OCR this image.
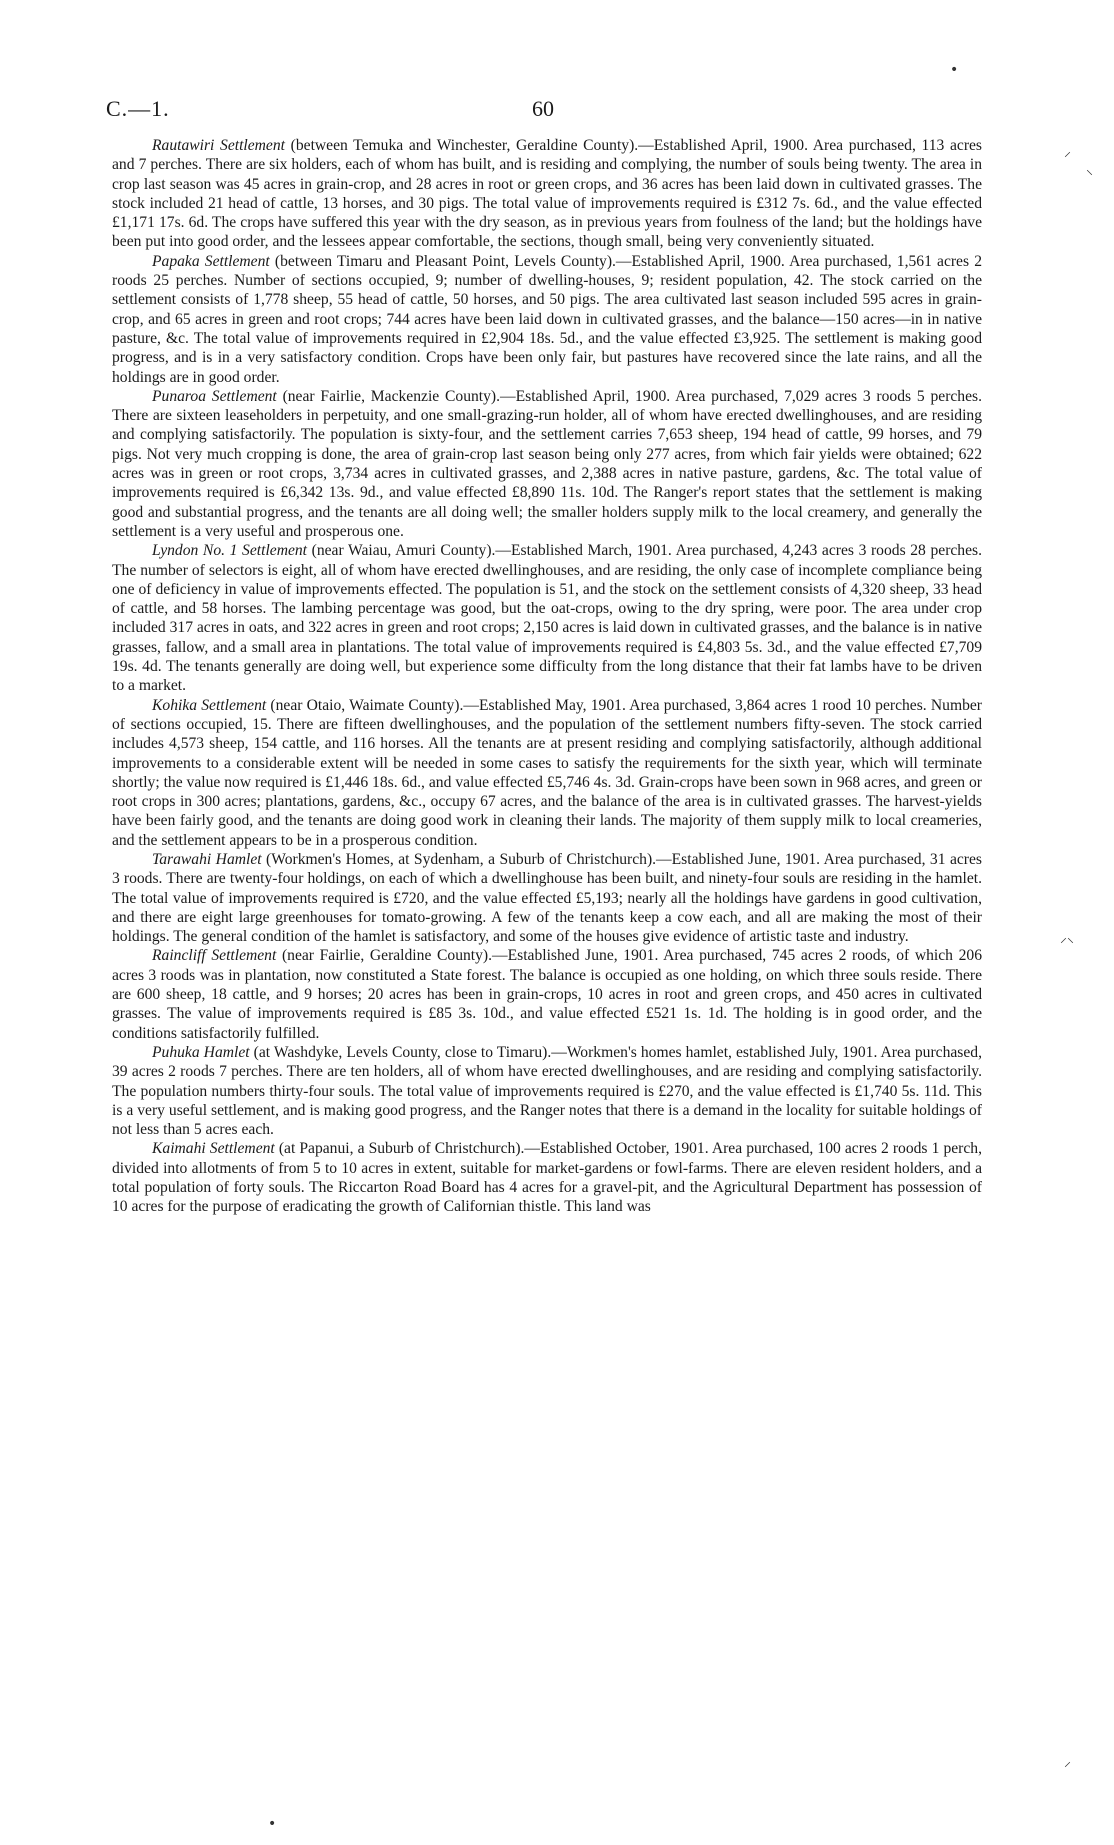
•
⸝
⸜
⸝⸜
⸝
•
C.—1.	60

Rautawiri Settlement (between Temuka and Winchester, Geraldine County).—Established April, 1900. Area purchased, 113 acres and 7 perches. There are six holders, each of whom has built, and is residing and complying, the number of souls being twenty. The area in crop last season was 45 acres in grain-crop, and 28 acres in root or green crops, and 36 acres has been laid down in cultivated grasses. The stock included 21 head of cattle, 13 horses, and 30 pigs. The total value of improvements required is £312 7s. 6d., and the value effected £1,171 17s. 6d. The crops have suffered this year with the dry season, as in previous years from foulness of the land; but the holdings have been put into good order, and the lessees appear comfortable, the sections, though small, being very conveniently situated.

Papaka Settlement (between Timaru and Pleasant Point, Levels County).—Established April, 1900. Area purchased, 1,561 acres 2 roods 25 perches. Number of sections occupied, 9; number of dwelling-houses, 9; resident population, 42. The stock carried on the settlement consists of 1,778 sheep, 55 head of cattle, 50 horses, and 50 pigs. The area cultivated last season included 595 acres in grain-crop, and 65 acres in green and root crops; 744 acres have been laid down in cultivated grasses, and the balance—150 acres—in in native pasture, &c. The total value of improvements required in £2,904 18s. 5d., and the value effected £3,925. The settlement is making good progress, and is in a very satisfactory condition. Crops have been only fair, but pastures have recovered since the late rains, and all the holdings are in good order.

Punaroa Settlement (near Fairlie, Mackenzie County).—Established April, 1900. Area purchased, 7,029 acres 3 roods 5 perches. There are sixteen leaseholders in perpetuity, and one small-grazing-run holder, all of whom have erected dwellinghouses, and are residing and complying satisfactorily. The population is sixty-four, and the settlement carries 7,653 sheep, 194 head of cattle, 99 horses, and 79 pigs. Not very much cropping is done, the area of grain-crop last season being only 277 acres, from which fair yields were obtained; 622 acres was in green or root crops, 3,734 acres in cultivated grasses, and 2,388 acres in native pasture, gardens, &c. The total value of improvements required is £6,342 13s. 9d., and value effected £8,890 11s. 10d. The Ranger's report states that the settlement is making good and substantial progress, and the tenants are all doing well; the smaller holders supply milk to the local creamery, and generally the settlement is a very useful and prosperous one.

Lyndon No. 1 Settlement (near Waiau, Amuri County).—Established March, 1901. Area purchased, 4,243 acres 3 roods 28 perches. The number of selectors is eight, all of whom have erected dwellinghouses, and are residing, the only case of incomplete compliance being one of deficiency in value of improvements effected. The population is 51, and the stock on the settlement consists of 4,320 sheep, 33 head of cattle, and 58 horses. The lambing percentage was good, but the oat-crops, owing to the dry spring, were poor. The area under crop included 317 acres in oats, and 322 acres in green and root crops; 2,150 acres is laid down in cultivated grasses, and the balance is in native grasses, fallow, and a small area in plantations. The total value of improvements required is £4,803 5s. 3d., and the value effected £7,709 19s. 4d. The tenants generally are doing well, but experience some difficulty from the long distance that their fat lambs have to be driven to a market.

Kohika Settlement (near Otaio, Waimate County).—Established May, 1901. Area purchased, 3,864 acres 1 rood 10 perches. Number of sections occupied, 15. There are fifteen dwellinghouses, and the population of the settlement numbers fifty-seven. The stock carried includes 4,573 sheep, 154 cattle, and 116 horses. All the tenants are at present residing and complying satisfactorily, although additional improvements to a considerable extent will be needed in some cases to satisfy the requirements for the sixth year, which will terminate shortly; the value now required is £1,446 18s. 6d., and value effected £5,746 4s. 3d. Grain-crops have been sown in 968 acres, and green or root crops in 300 acres; plantations, gardens, &c., occupy 67 acres, and the balance of the area is in cultivated grasses. The harvest-yields have been fairly good, and the tenants are doing good work in cleaning their lands. The majority of them supply milk to local creameries, and the settlement appears to be in a prosperous condition.

Tarawahi Hamlet (Workmen's Homes, at Sydenham, a Suburb of Christchurch).—Established June, 1901. Area purchased, 31 acres 3 roods. There are twenty-four holdings, on each of which a dwellinghouse has been built, and ninety-four souls are residing in the hamlet. The total value of improvements required is £720, and the value effected £5,193; nearly all the holdings have gardens in good cultivation, and there are eight large greenhouses for tomato-growing. A few of the tenants keep a cow each, and all are making the most of their holdings. The general condition of the hamlet is satisfactory, and some of the houses give evidence of artistic taste and industry.

Raincliff Settlement (near Fairlie, Geraldine County).—Established June, 1901. Area purchased, 745 acres 2 roods, of which 206 acres 3 roods was in plantation, now constituted a State forest. The balance is occupied as one holding, on which three souls reside. There are 600 sheep, 18 cattle, and 9 horses; 20 acres has been in grain-crops, 10 acres in root and green crops, and 450 acres in cultivated grasses. The value of improvements required is £85 3s. 10d., and value effected £521 1s. 1d. The holding is in good order, and the conditions satisfactorily fulfilled.

Puhuka Hamlet (at Washdyke, Levels County, close to Timaru).—Workmen's homes hamlet, established July, 1901. Area purchased, 39 acres 2 roods 7 perches. There are ten holders, all of whom have erected dwellinghouses, and are residing and complying satisfactorily. The population numbers thirty-four souls. The total value of improvements required is £270, and the value effected is £1,740 5s. 11d. This is a very useful settlement, and is making good progress, and the Ranger notes that there is a demand in the locality for suitable holdings of not less than 5 acres each.

Kaimahi Settlement (at Papanui, a Suburb of Christchurch).—Established October, 1901. Area purchased, 100 acres 2 roods 1 perch, divided into allotments of from 5 to 10 acres in extent, suitable for market-gardens or fowl-farms. There are eleven resident holders, and a total population of forty souls. The Riccarton Road Board has 4 acres for a gravel-pit, and the Agricultural Department has possession of 10 acres for the purpose of eradicating the growth of Californian thistle. This land was
